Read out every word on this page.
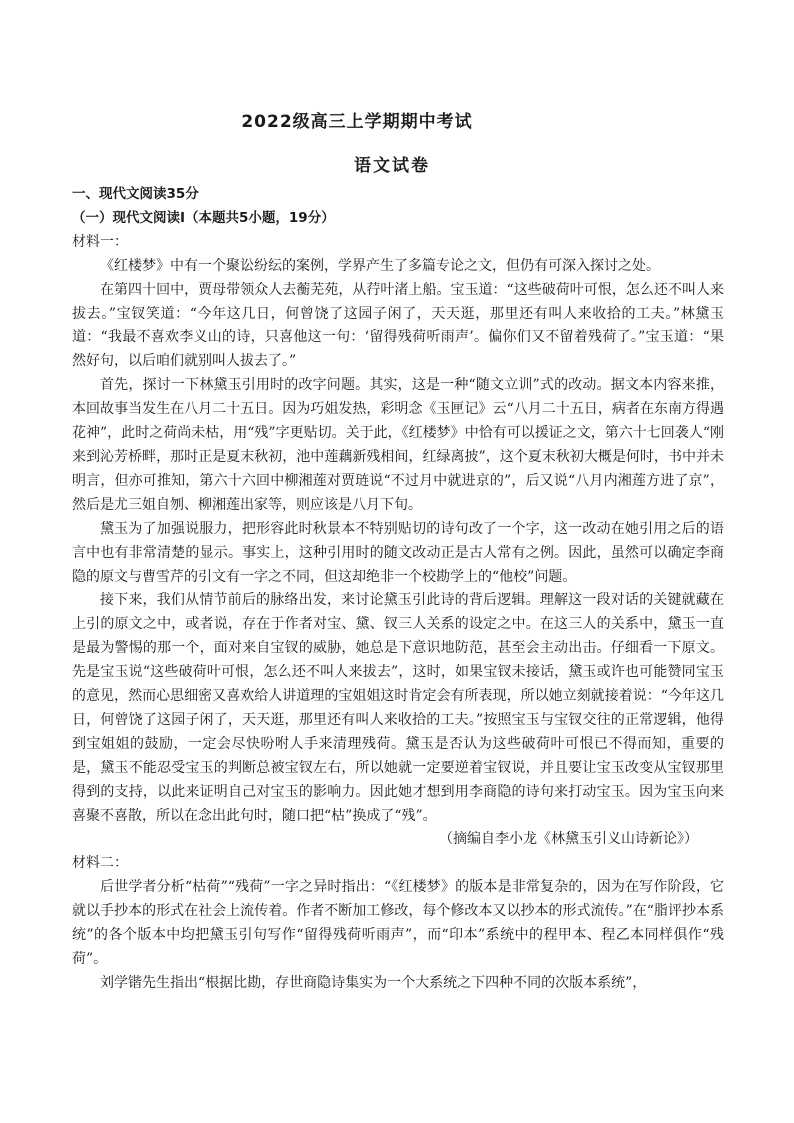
2022级高三上学期期中考试
语文试卷

一、现代文阅读35分

（一）现代文阅读Ⅰ（本题共5小题，19分）

材料一：

《红楼梦》中有一个聚讼纷纭的案例，学界产生了多篇专论之文，但仍有可深入探讨之处。

在第四十回中，贾母带领众人去蘅芜苑，从荇叶渚上船。宝玉道：“这些破荷叶可恨，怎么还不叫人来拔去。”宝钗笑道：“今年这几日，何曾饶了这园子闲了，天天逛，那里还有叫人来收拾的工夫。”林黛玉道：“我最不喜欢李义山的诗，只喜他这一句：‘留得残荷听雨声’。偏你们又不留着残荷了。”宝玉道：“果然好句，以后咱们就别叫人拔去了。”

首先，探讨一下林黛玉引用时的改字问题。其实，这是一种“随文立训”式的改动。据文本内容来推，本回故事当发生在八月二十五日。因为巧姐发热，彩明念《玉匣记》云“八月二十五日，病者在东南方得遇花神”，此时之荷尚未枯，用“残”字更贴切。关于此，《红楼梦》中恰有可以援证之文，第六十七回袭人“刚来到沁芳桥畔，那时正是夏末秋初，池中莲藕新残相间，红绿离披”，这个夏末秋初大概是何时，书中并未明言，但亦可推知，第六十六回中柳湘莲对贾琏说“不过月中就进京的”，后又说“八月内湘莲方进了京”，然后是尤三姐自刎、柳湘莲出家等，则应该是八月下旬。

黛玉为了加强说服力，把形容此时秋景本不特别贴切的诗句改了一个字，这一改动在她引用之后的语言中也有非常清楚的显示。事实上，这种引用时的随文改动正是古人常有之例。因此，虽然可以确定李商隐的原文与曹雪芹的引文有一字之不同，但这却绝非一个校勘学上的“他校”问题。

接下来，我们从情节前后的脉络出发，来讨论黛玉引此诗的背后逻辑。理解这一段对话的关键就藏在上引的原文之中，或者说，存在于作者对宝、黛、钗三人关系的设定之中。在这三人的关系中，黛玉一直是最为警惕的那一个，面对来自宝钗的威胁，她总是下意识地防范，甚至会主动出击。仔细看一下原文。先是宝玉说“这些破荷叶可恨，怎么还不叫人来拔去”，这时，如果宝钗未接话，黛玉或许也可能赞同宝玉的意见，然而心思细密又喜欢给人讲道理的宝姐姐这时肯定会有所表现，所以她立刻就接着说：“今年这几日，何曾饶了这园子闲了，天天逛，那里还有叫人来收拾的工夫。”按照宝玉与宝钗交往的正常逻辑，他得到宝姐姐的鼓励，一定会尽快吩咐人手来清理残荷。黛玉是否认为这些破荷叶可恨已不得而知，重要的是，黛玉不能忍受宝玉的判断总被宝钗左右，所以她就一定要逆着宝钗说，并且要让宝玉改变从宝钗那里得到的支持，以此来证明自己对宝玉的影响力。因此她才想到用李商隐的诗句来打动宝玉。因为宝玉向来喜聚不喜散，所以在念出此句时，随口把“枯”换成了“残”。

（摘编自李小龙《林黛玉引义山诗新论》）

材料二：

后世学者分析“枯荷”“残荷”一字之异时指出：“《红楼梦》的版本是非常复杂的，因为在写作阶段，它就以手抄本的形式在社会上流传着。作者不断加工修改，每个修改本又以抄本的形式流传。”在“脂评抄本系统”的各个版本中均把黛玉引句写作“留得残荷听雨声”，而“印本”系统中的程甲本、程乙本同样俱作“残荷”。

刘学锴先生指出“根据比勘，存世商隐诗集实为一个大系统之下四种不同的次版本系统”，
